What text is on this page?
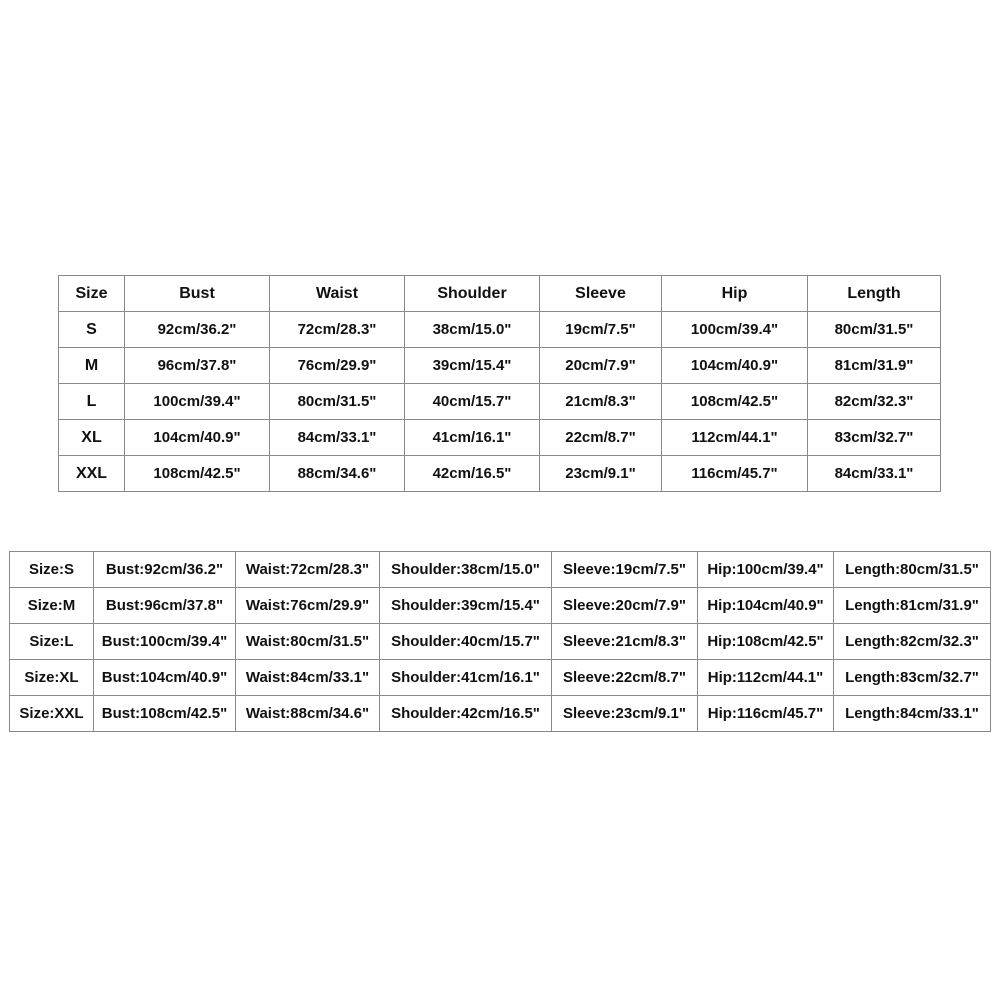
Size	Bust	Waist	Shoulder	Sleeve	Hip	Length
S	92cm/36.2"	72cm/28.3"	38cm/15.0"	19cm/7.5"	100cm/39.4"	80cm/31.5"
M	96cm/37.8"	76cm/29.9"	39cm/15.4"	20cm/7.9"	104cm/40.9"	81cm/31.9"
L	100cm/39.4"	80cm/31.5"	40cm/15.7"	21cm/8.3"	108cm/42.5"	82cm/32.3"
XL	104cm/40.9"	84cm/33.1"	41cm/16.1"	22cm/8.7"	112cm/44.1"	83cm/32.7"
XXL	108cm/42.5"	88cm/34.6"	42cm/16.5"	23cm/9.1"	116cm/45.7"	84cm/33.1"
Size:S	Bust:92cm/36.2"	Waist:72cm/28.3"	Shoulder:38cm/15.0"	Sleeve:19cm/7.5"	Hip:100cm/39.4"	Length:80cm/31.5"
Size:M	Bust:96cm/37.8"	Waist:76cm/29.9"	Shoulder:39cm/15.4"	Sleeve:20cm/7.9"	Hip:104cm/40.9"	Length:81cm/31.9"
Size:L	Bust:100cm/39.4"	Waist:80cm/31.5"	Shoulder:40cm/15.7"	Sleeve:21cm/8.3"	Hip:108cm/42.5"	Length:82cm/32.3"
Size:XL	Bust:104cm/40.9"	Waist:84cm/33.1"	Shoulder:41cm/16.1"	Sleeve:22cm/8.7"	Hip:112cm/44.1"	Length:83cm/32.7"
Size:XXL	Bust:108cm/42.5"	Waist:88cm/34.6"	Shoulder:42cm/16.5"	Sleeve:23cm/9.1"	Hip:116cm/45.7"	Length:84cm/33.1"
